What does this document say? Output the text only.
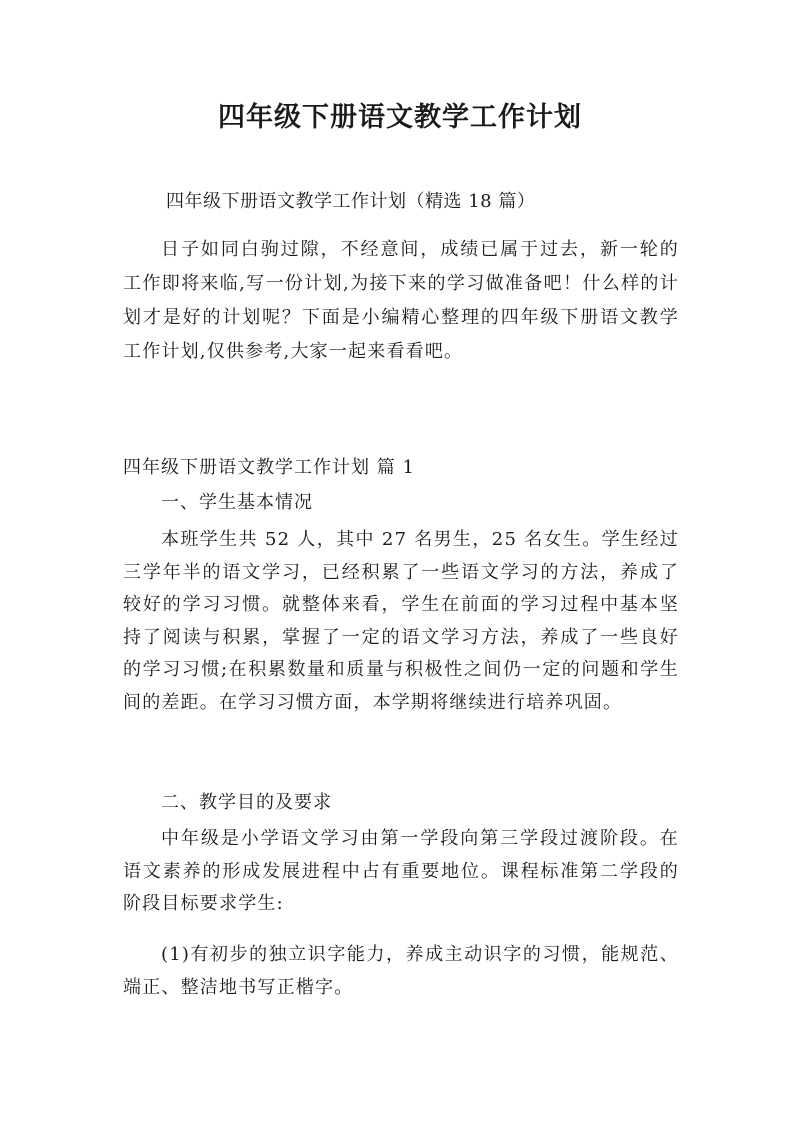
四年级下册语文教学工作计划
四年级下册语文教学工作计划（精选 18 篇）

日子如同白驹过隙，不经意间，成绩已属于过去，新一轮的工作即将来临,写一份计划,为接下来的学习做准备吧！什么样的计划才是好的计划呢？下面是小编精心整理的四年级下册语文教学工作计划,仅供参考,大家一起来看看吧。

四年级下册语文教学工作计划 篇 1
一、学生基本情况

本班学生共 52 人，其中 27 名男生，25 名女生。学生经过三学年半的语文学习，已经积累了一些语文学习的方法，养成了较好的学习习惯。就整体来看，学生在前面的学习过程中基本坚持了阅读与积累，掌握了一定的语文学习方法，养成了一些良好的学习习惯;在积累数量和质量与积极性之间仍一定的问题和学生间的差距。在学习习惯方面，本学期将继续进行培养巩固。

二、教学目的及要求

中年级是小学语文学习由第一学段向第三学段过渡阶段。在语文素养的形成发展进程中占有重要地位。课程标准第二学段的阶段目标要求学生:

(1)有初步的独立识字能力，养成主动识字的习惯，能规范、端正、整洁地书写正楷字。
